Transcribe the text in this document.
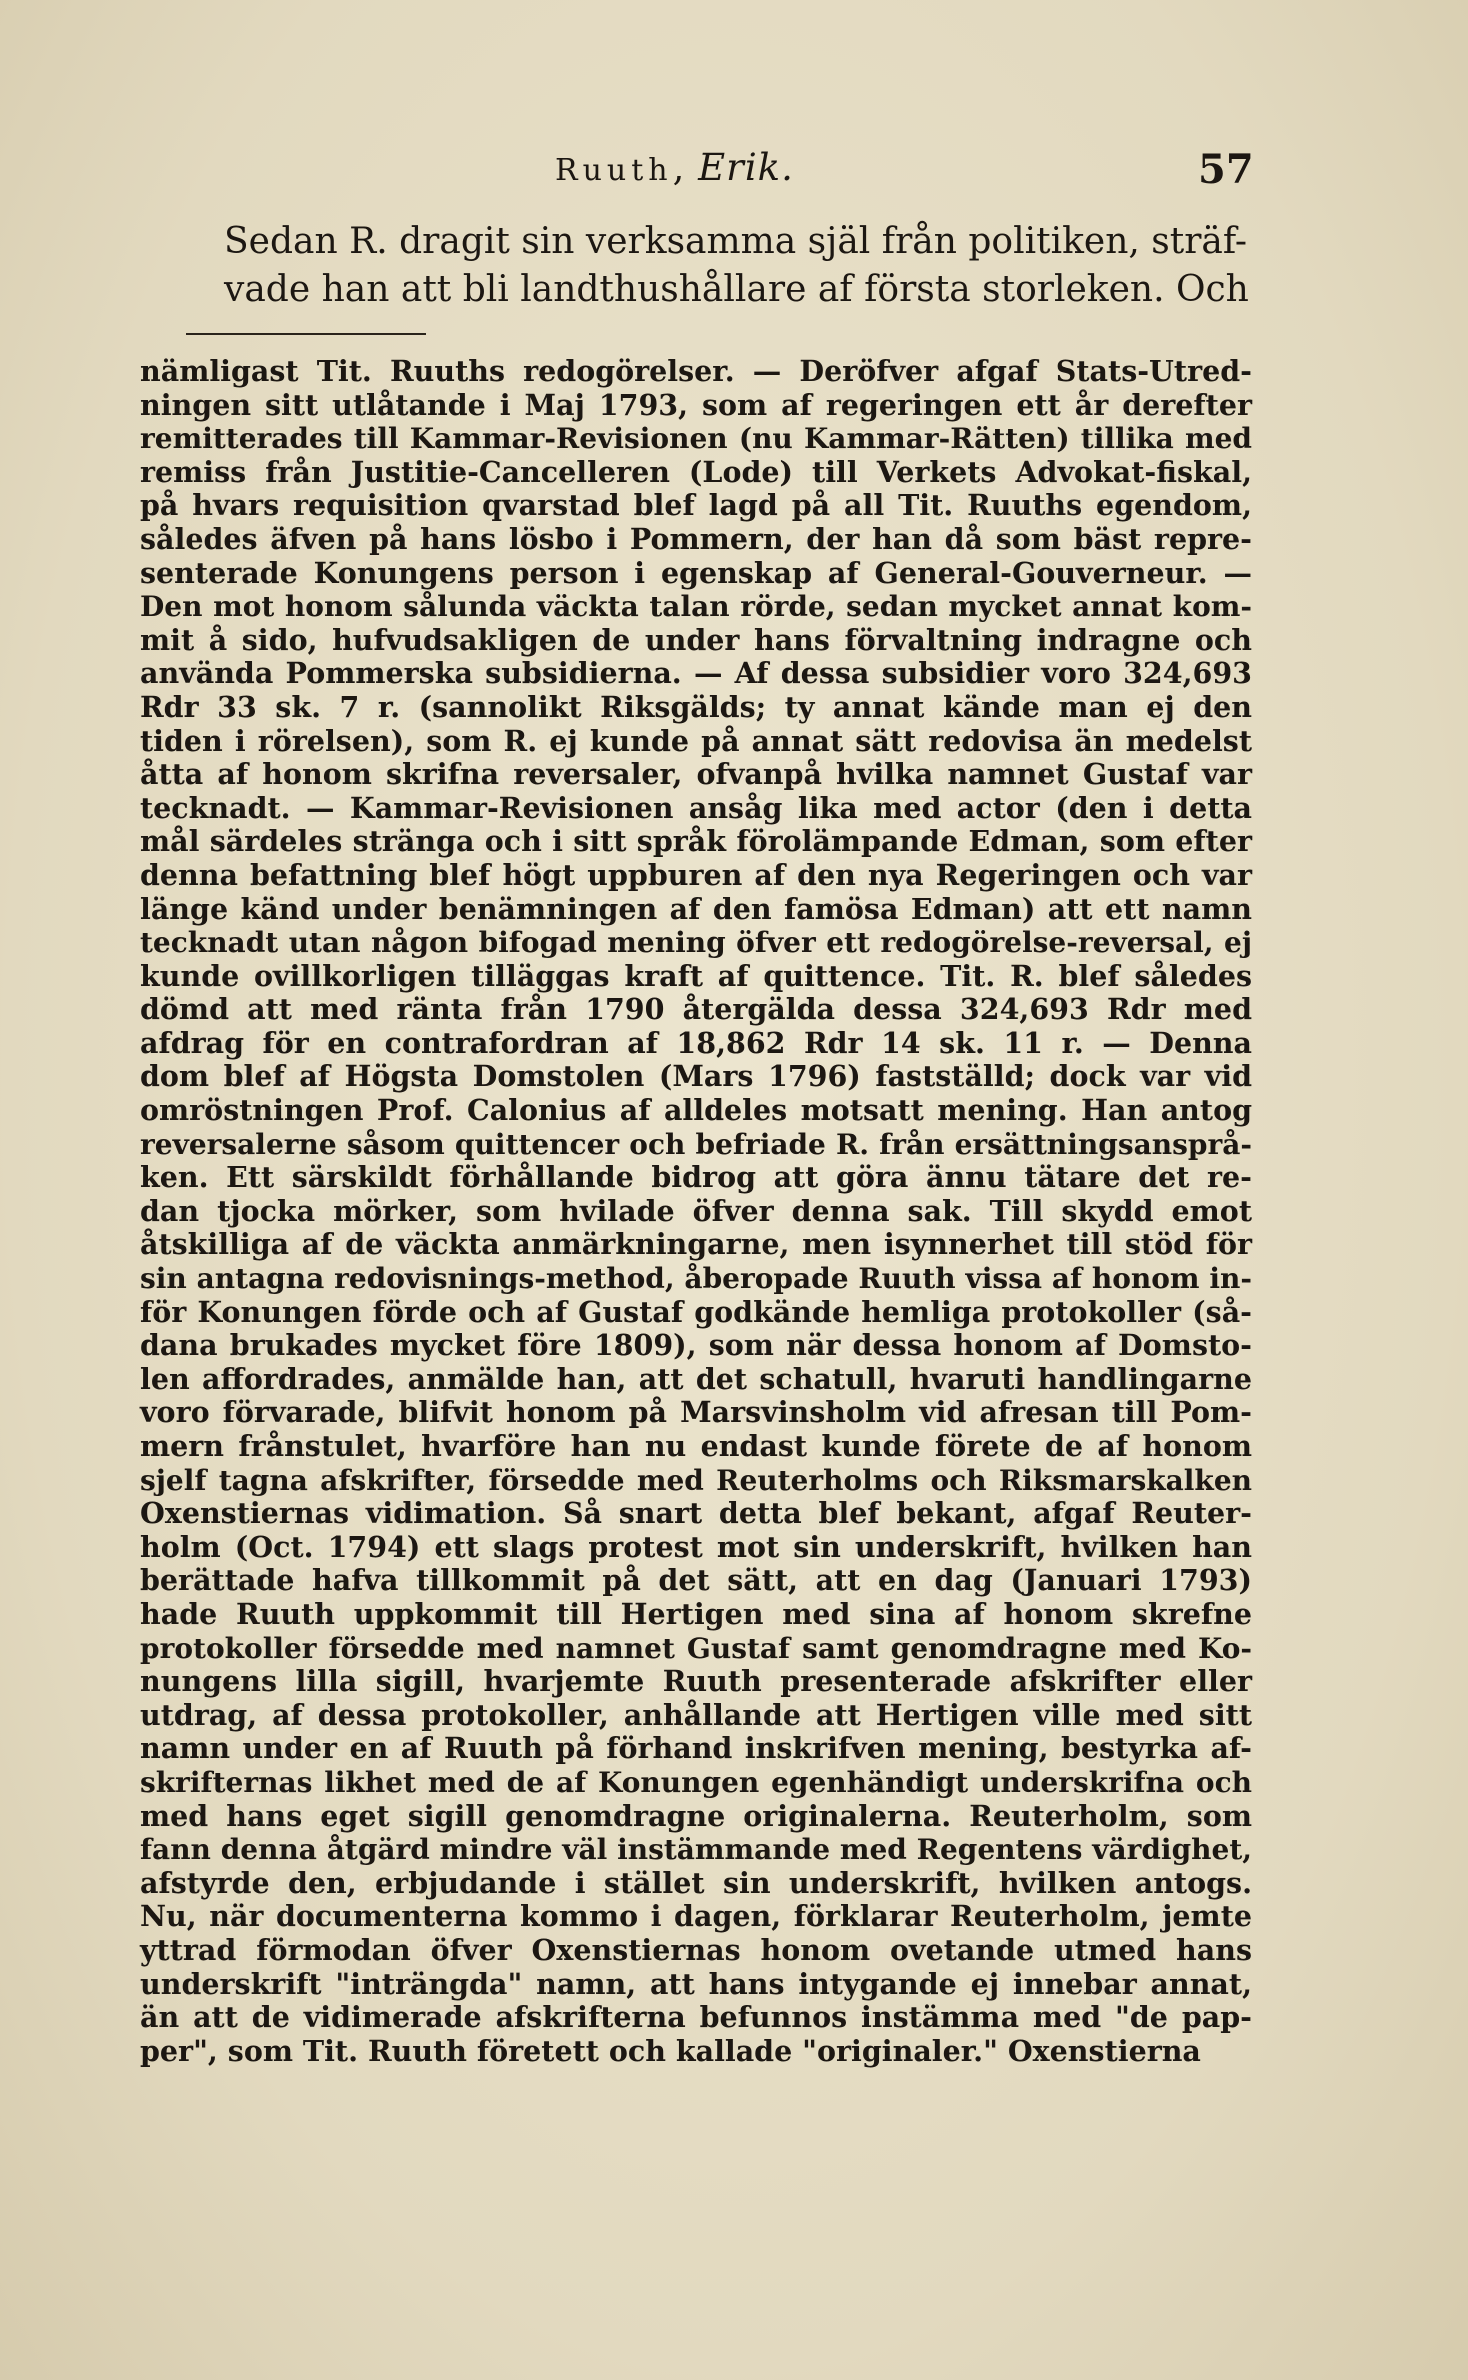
Ruuth, Erik.	57
Sedan R. dragit sin verksamma själ från politiken, sträf-
vade han att bli landthushållare af första storleken. Och
nämligast Tit. Ruuths redogörelser. — Deröfver afgaf Stats-Utred-
ningen sitt utlåtande i Maj 1793, som af regeringen ett år derefter
remitterades till Kammar-Revisionen (nu Kammar-Rätten) tillika med
remiss från Justitie-Cancelleren (Lode) till Verkets Advokat-fiskal,
på hvars requisition qvarstad blef lagd på all Tit. Ruuths egendom,
således äfven på hans lösbo i Pommern, der han då som bäst repre-
senterade Konungens person i egenskap af General-Gouverneur. —
Den mot honom sålunda väckta talan rörde, sedan mycket annat kom-
mit å sido, hufvudsakligen de under hans förvaltning indragne och
använda Pommerska subsidierna. — Af dessa subsidier voro 324,693
Rdr 33 sk. 7 r. (sannolikt Riksgälds; ty annat kände man ej den
tiden i rörelsen), som R. ej kunde på annat sätt redovisa än medelst
åtta af honom skrifna reversaler, ofvanpå hvilka namnet Gustaf var
tecknadt. — Kammar-Revisionen ansåg lika med actor (den i detta
mål särdeles stränga och i sitt språk förolämpande Edman, som efter
denna befattning blef högt uppburen af den nya Regeringen och var
länge känd under benämningen af den famösa Edman) att ett namn
tecknadt utan någon bifogad mening öfver ett redogörelse-reversal, ej
kunde ovillkorligen tilläggas kraft af quittence. Tit. R. blef således
dömd att med ränta från 1790 återgälda dessa 324,693 Rdr med
afdrag för en contrafordran af 18,862 Rdr 14 sk. 11 r. — Denna
dom blef af Högsta Domstolen (Mars 1796) fastställd; dock var vid
omröstningen Prof. Calonius af alldeles motsatt mening. Han antog
reversalerne såsom quittencer och befriade R. från ersättningsansprå-
ken. Ett särskildt förhållande bidrog att göra ännu tätare det re-
dan tjocka mörker, som hvilade öfver denna sak. Till skydd emot
åtskilliga af de väckta anmärkningarne, men isynnerhet till stöd för
sin antagna redovisnings-method, åberopade Ruuth vissa af honom in-
för Konungen förde och af Gustaf godkände hemliga protokoller (så-
dana brukades mycket före 1809), som när dessa honom af Domsto-
len affordrades, anmälde han, att det schatull, hvaruti handlingarne
voro förvarade, blifvit honom på Marsvinsholm vid afresan till Pom-
mern frånstulet, hvarföre han nu endast kunde förete de af honom
sjelf tagna afskrifter, försedde med Reuterholms och Riksmarskalken
Oxenstiernas vidimation. Så snart detta blef bekant, afgaf Reuter-
holm (Oct. 1794) ett slags protest mot sin underskrift, hvilken han
berättade hafva tillkommit på det sätt, att en dag (Januari 1793)
hade Ruuth uppkommit till Hertigen med sina af honom skrefne
protokoller försedde med namnet Gustaf samt genomdragne med Ko-
nungens lilla sigill, hvarjemte Ruuth presenterade afskrifter eller
utdrag, af dessa protokoller, anhållande att Hertigen ville med sitt
namn under en af Ruuth på förhand inskrifven mening, bestyrka af-
skrifternas likhet med de af Konungen egenhändigt underskrifna och
med hans eget sigill genomdragne originalerna. Reuterholm, som
fann denna åtgärd mindre väl instämmande med Regentens värdighet,
afstyrde den, erbjudande i stället sin underskrift, hvilken antogs.
Nu, när documenterna kommo i dagen, förklarar Reuterholm, jemte
yttrad förmodan öfver Oxenstiernas honom ovetande utmed hans
underskrift "inträngda" namn, att hans intygande ej innebar annat,
än att de vidimerade afskrifterna befunnos instämma med "de pap-
per", som Tit. Ruuth företett och kallade "originaler." Oxenstierna
